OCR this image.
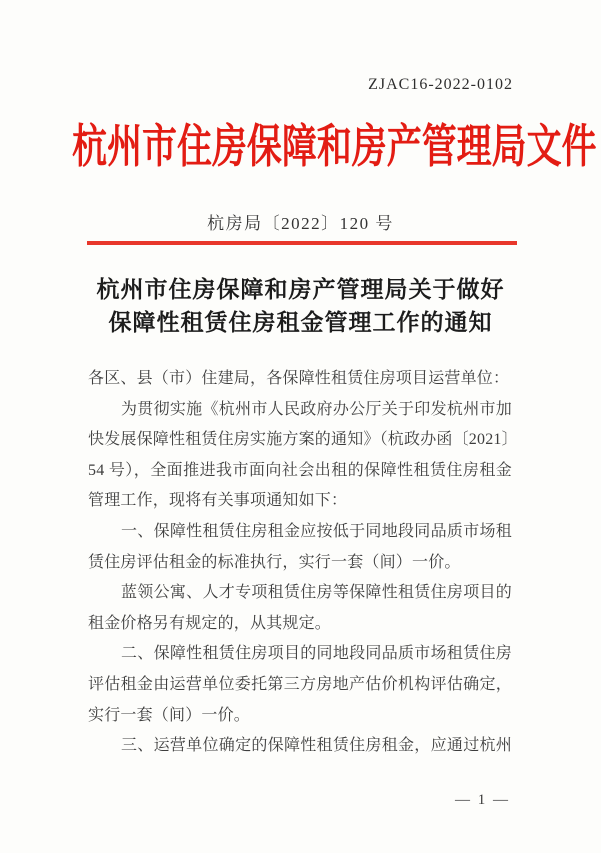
ZJAC16-2022-0102
杭州市住房保障和房产管理局文件
杭房局〔2022〕120 号
杭州市住房保障和房产管理局关于做好
保障性租赁住房租金管理工作的通知
各区、县（市）住建局，各保障性租赁住房项目运营单位：
为贯彻实施《杭州市人民政府办公厅关于印发杭州市加
快发展保障性租赁住房实施方案的通知》（杭政办函〔2021〕
54 号），全面推进我市面向社会出租的保障性租赁住房租金
管理工作，现将有关事项通知如下：
一、保障性租赁住房租金应按低于同地段同品质市场租
赁住房评估租金的标准执行，实行一套（间）一价。
蓝领公寓、人才专项租赁住房等保障性租赁住房项目的
租金价格另有规定的，从其规定。
二、保障性租赁住房项目的同地段同品质市场租赁住房
评估租金由运营单位委托第三方房地产估价机构评估确定，
实行一套（间）一价。
三、运营单位确定的保障性租赁住房租金，应通过杭州
— 1 —
